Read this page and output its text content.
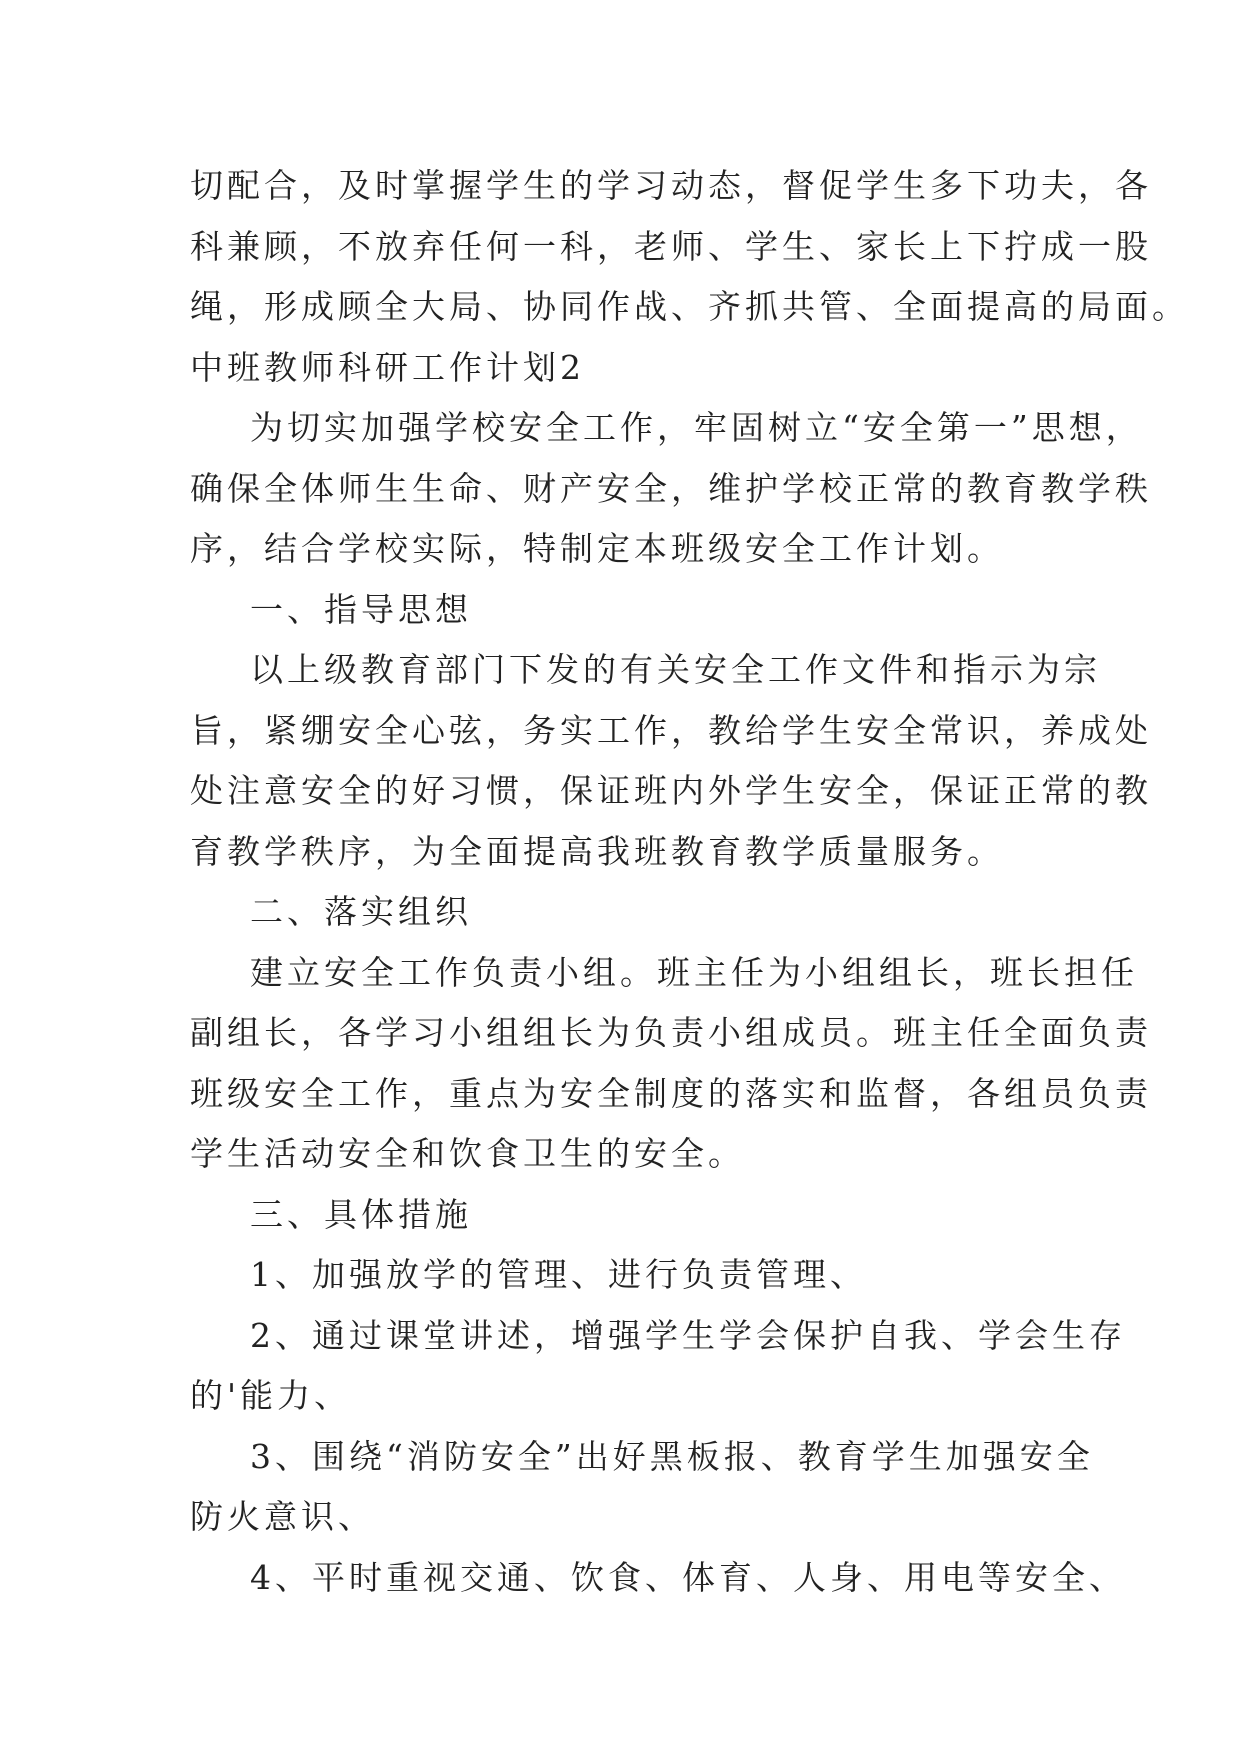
切配合，及时掌握学生的学习动态，督促学生多下功夫，各
科兼顾，不放弃任何一科，老师、学生、家长上下拧成一股
绳，形成顾全大局、协同作战、齐抓共管、全面提高的局面。
中班教师科研工作计划2
为切实加强学校安全工作，牢固树立“安全第一”思想，
确保全体师生生命、财产安全，维护学校正常的教育教学秩
序，结合学校实际，特制定本班级安全工作计划。
一、指导思想
以上级教育部门下发的有关安全工作文件和指示为宗
旨，紧绷安全心弦，务实工作，教给学生安全常识，养成处
处注意安全的好习惯，保证班内外学生安全，保证正常的教
育教学秩序，为全面提高我班教育教学质量服务。
二、落实组织
建立安全工作负责小组。班主任为小组组长，班长担任
副组长，各学习小组组长为负责小组成员。班主任全面负责
班级安全工作，重点为安全制度的落实和监督，各组员负责
学生活动安全和饮食卫生的安全。
三、具体措施
1、加强放学的管理、进行负责管理、
2、通过课堂讲述，增强学生学会保护自我、学会生存
的'能力、
3、围绕“消防安全”出好黑板报、教育学生加强安全
防火意识、
4、平时重视交通、饮食、体育、人身、用电等安全、
